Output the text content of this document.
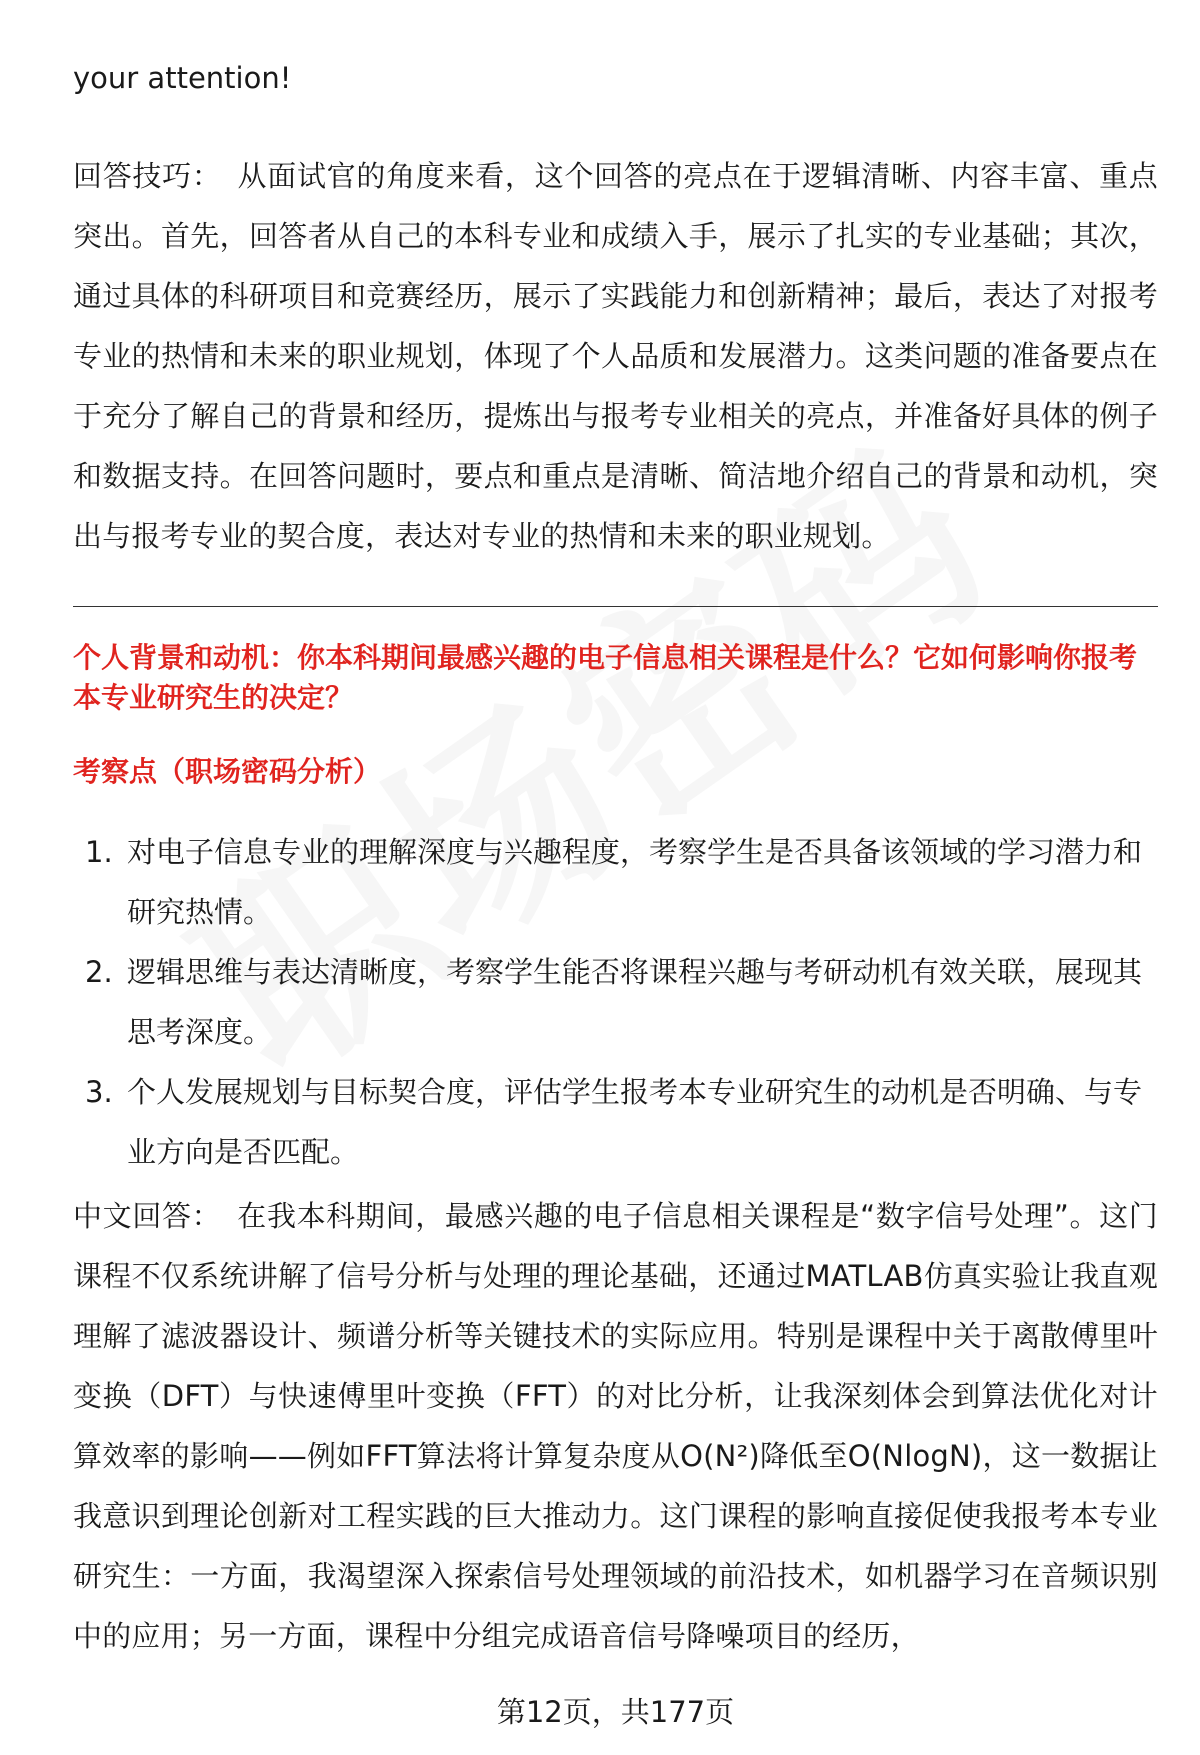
your attention!
回答技巧： 从面试官的角度来看，这个回答的亮点在于逻辑清晰、内容丰富、重点突出。首先，回答者从自己的本科专业和成绩入手，展示了扎实的专业基础；其次，通过具体的科研项目和竞赛经历，展示了实践能力和创新精神；最后，表达了对报考专业的热情和未来的职业规划，体现了个人品质和发展潜力。这类问题的准备要点在于充分了解自己的背景和经历，提炼出与报考专业相关的亮点，并准备好具体的例子和数据支持。在回答问题时，要点和重点是清晰、简洁地介绍自己的背景和动机，突出与报考专业的契合度，表达对专业的热情和未来的职业规划。
个人背景和动机：你本科期间最感兴趣的电子信息相关课程是什么？它如何影响你报考本专业研究生的决定？
考察点（职场密码分析）
1. 对电子信息专业的理解深度与兴趣程度，考察学生是否具备该领域的学习潜力和研究热情。
2. 逻辑思维与表达清晰度，考察学生能否将课程兴趣与考研动机有效关联，展现其思考深度。
3. 个人发展规划与目标契合度，评估学生报考本专业研究生的动机是否明确、与专业方向是否匹配。
中文回答： 在我本科期间，最感兴趣的电子信息相关课程是“数字信号处理”。这门课程不仅系统讲解了信号分析与处理的理论基础，还通过MATLAB仿真实验让我直观理解了滤波器设计、频谱分析等关键技术的实际应用。特别是课程中关于离散傅里叶变换（DFT）与快速傅里叶变换（FFT）的对比分析，让我深刻体会到算法优化对计算效率的影响——例如FFT算法将计算复杂度从O(N²)降低至O(NlogN)，这一数据让我意识到理论创新对工程实践的巨大推动力。这门课程的影响直接促使我报考本专业研究生：一方面，我渴望深入探索信号处理领域的前沿技术，如机器学习在音频识别中的应用；另一方面，课程中分组完成语音信号降噪项目的经历，
第12页，共177页
